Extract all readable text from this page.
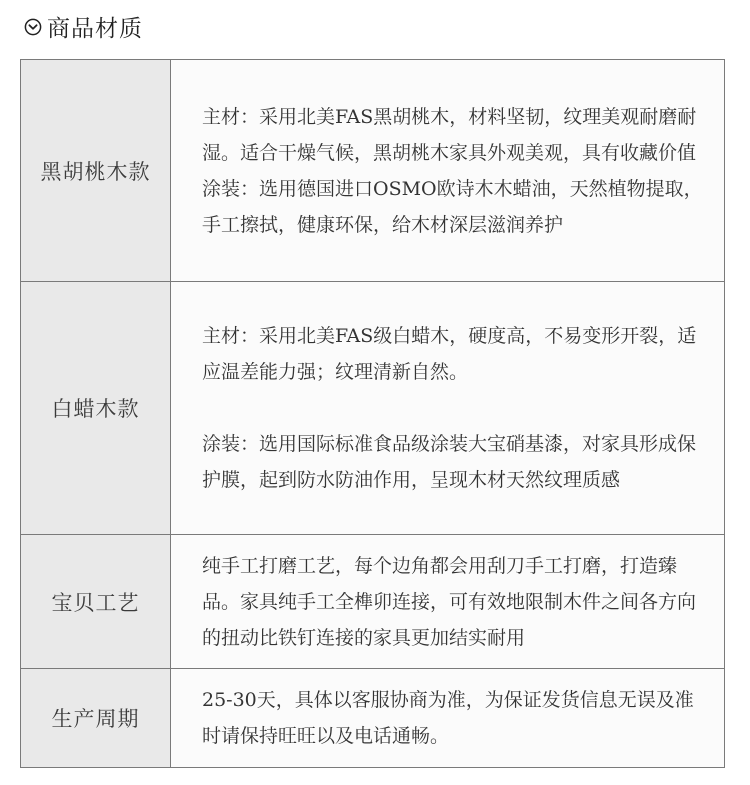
商品材质
黑胡桃木款	主材：采用北美FAS黑胡桃木，材料坚韧，纹理美观耐磨耐湿。适合干燥气候，黑胡桃木家具外观美观，具有收藏价值

涂装：选用德国进口OSMO欧诗木木蜡油，天然植物提取，手工擦拭，健康环保，给木材深层滋润养护

白蜡木款	主材：采用北美FAS级白蜡木，硬度高，不易变形开裂，适应温差能力强；纹理清新自然。

涂装：选用国际标准食品级涂装大宝硝基漆，对家具形成保护膜，起到防水防油作用，呈现木材天然纹理质感

宝贝工艺	纯手工打磨工艺，每个边角都会用刮刀手工打磨，打造臻品。家具纯手工全榫卯连接，可有效地限制木件之间各方向的扭动比铁钉连接的家具更加结实耐用

生产周期	25-30天，具体以客服协商为准，为保证发货信息无误及准时请保持旺旺以及电话通畅。
